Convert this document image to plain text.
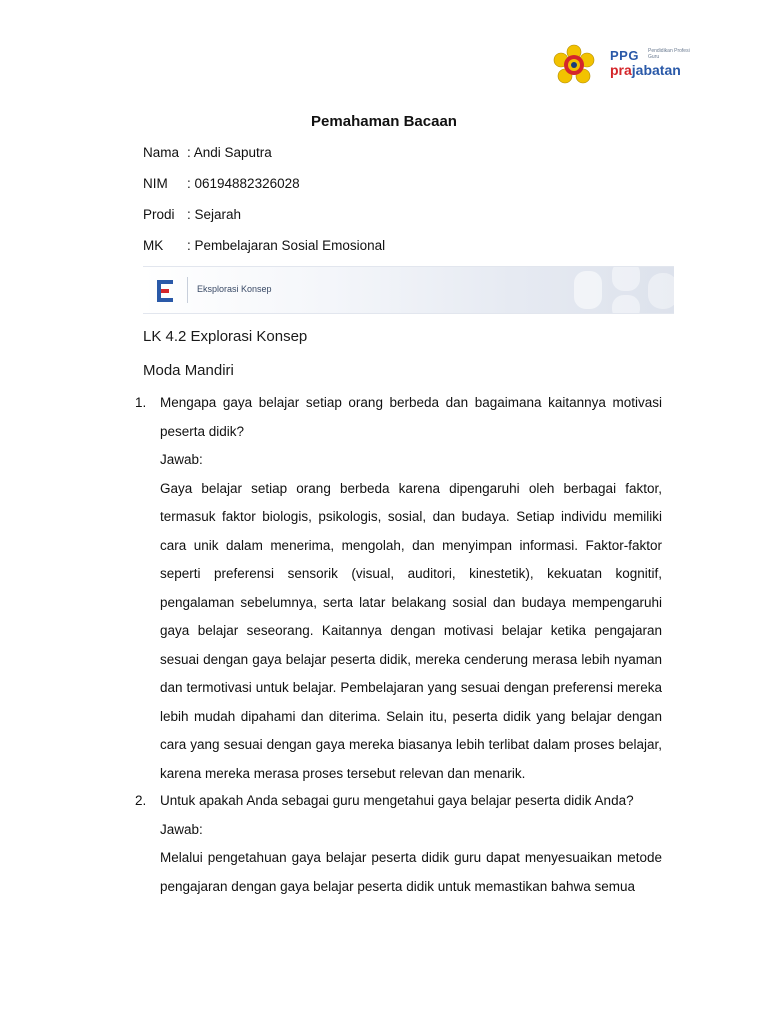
PPG Pendidikan Profesi Guru
prajabatan
Pemahaman Bacaan
Nama : Andi Saputra
NIM : 06194882326028
Prodi : Sejarah
MK : Pembelajaran Sosial Emosional
Eksplorasi Konsep
LK 4.2 Explorasi Konsep
Moda Mandiri
1.	Mengapa gaya belajar setiap orang berbeda dan bagaimana kaitannya motivasi peserta didik?

Jawab:

Gaya belajar setiap orang berbeda karena dipengaruhi oleh berbagai faktor, termasuk faktor biologis, psikologis, sosial, dan budaya. Setiap individu memiliki cara unik dalam menerima, mengolah, dan menyimpan informasi. Faktor-faktor seperti preferensi sensorik (visual, auditori, kinestetik), kekuatan kognitif, pengalaman sebelumnya, serta latar belakang sosial dan budaya mempengaruhi gaya belajar seseorang. Kaitannya dengan motivasi belajar ketika pengajaran sesuai dengan gaya belajar peserta didik, mereka cenderung merasa lebih nyaman dan termotivasi untuk belajar. Pembelajaran yang sesuai dengan preferensi mereka lebih mudah dipahami dan diterima. Selain itu, peserta didik yang belajar dengan cara yang sesuai dengan gaya mereka biasanya lebih terlibat dalam proses belajar, karena mereka merasa proses tersebut relevan dan menarik.

2.	Untuk apakah Anda sebagai guru mengetahui gaya belajar peserta didik Anda?

Jawab:

Melalui pengetahuan gaya belajar peserta didik guru dapat menyesuaikan metode pengajaran dengan gaya belajar peserta didik untuk memastikan bahwa semua
